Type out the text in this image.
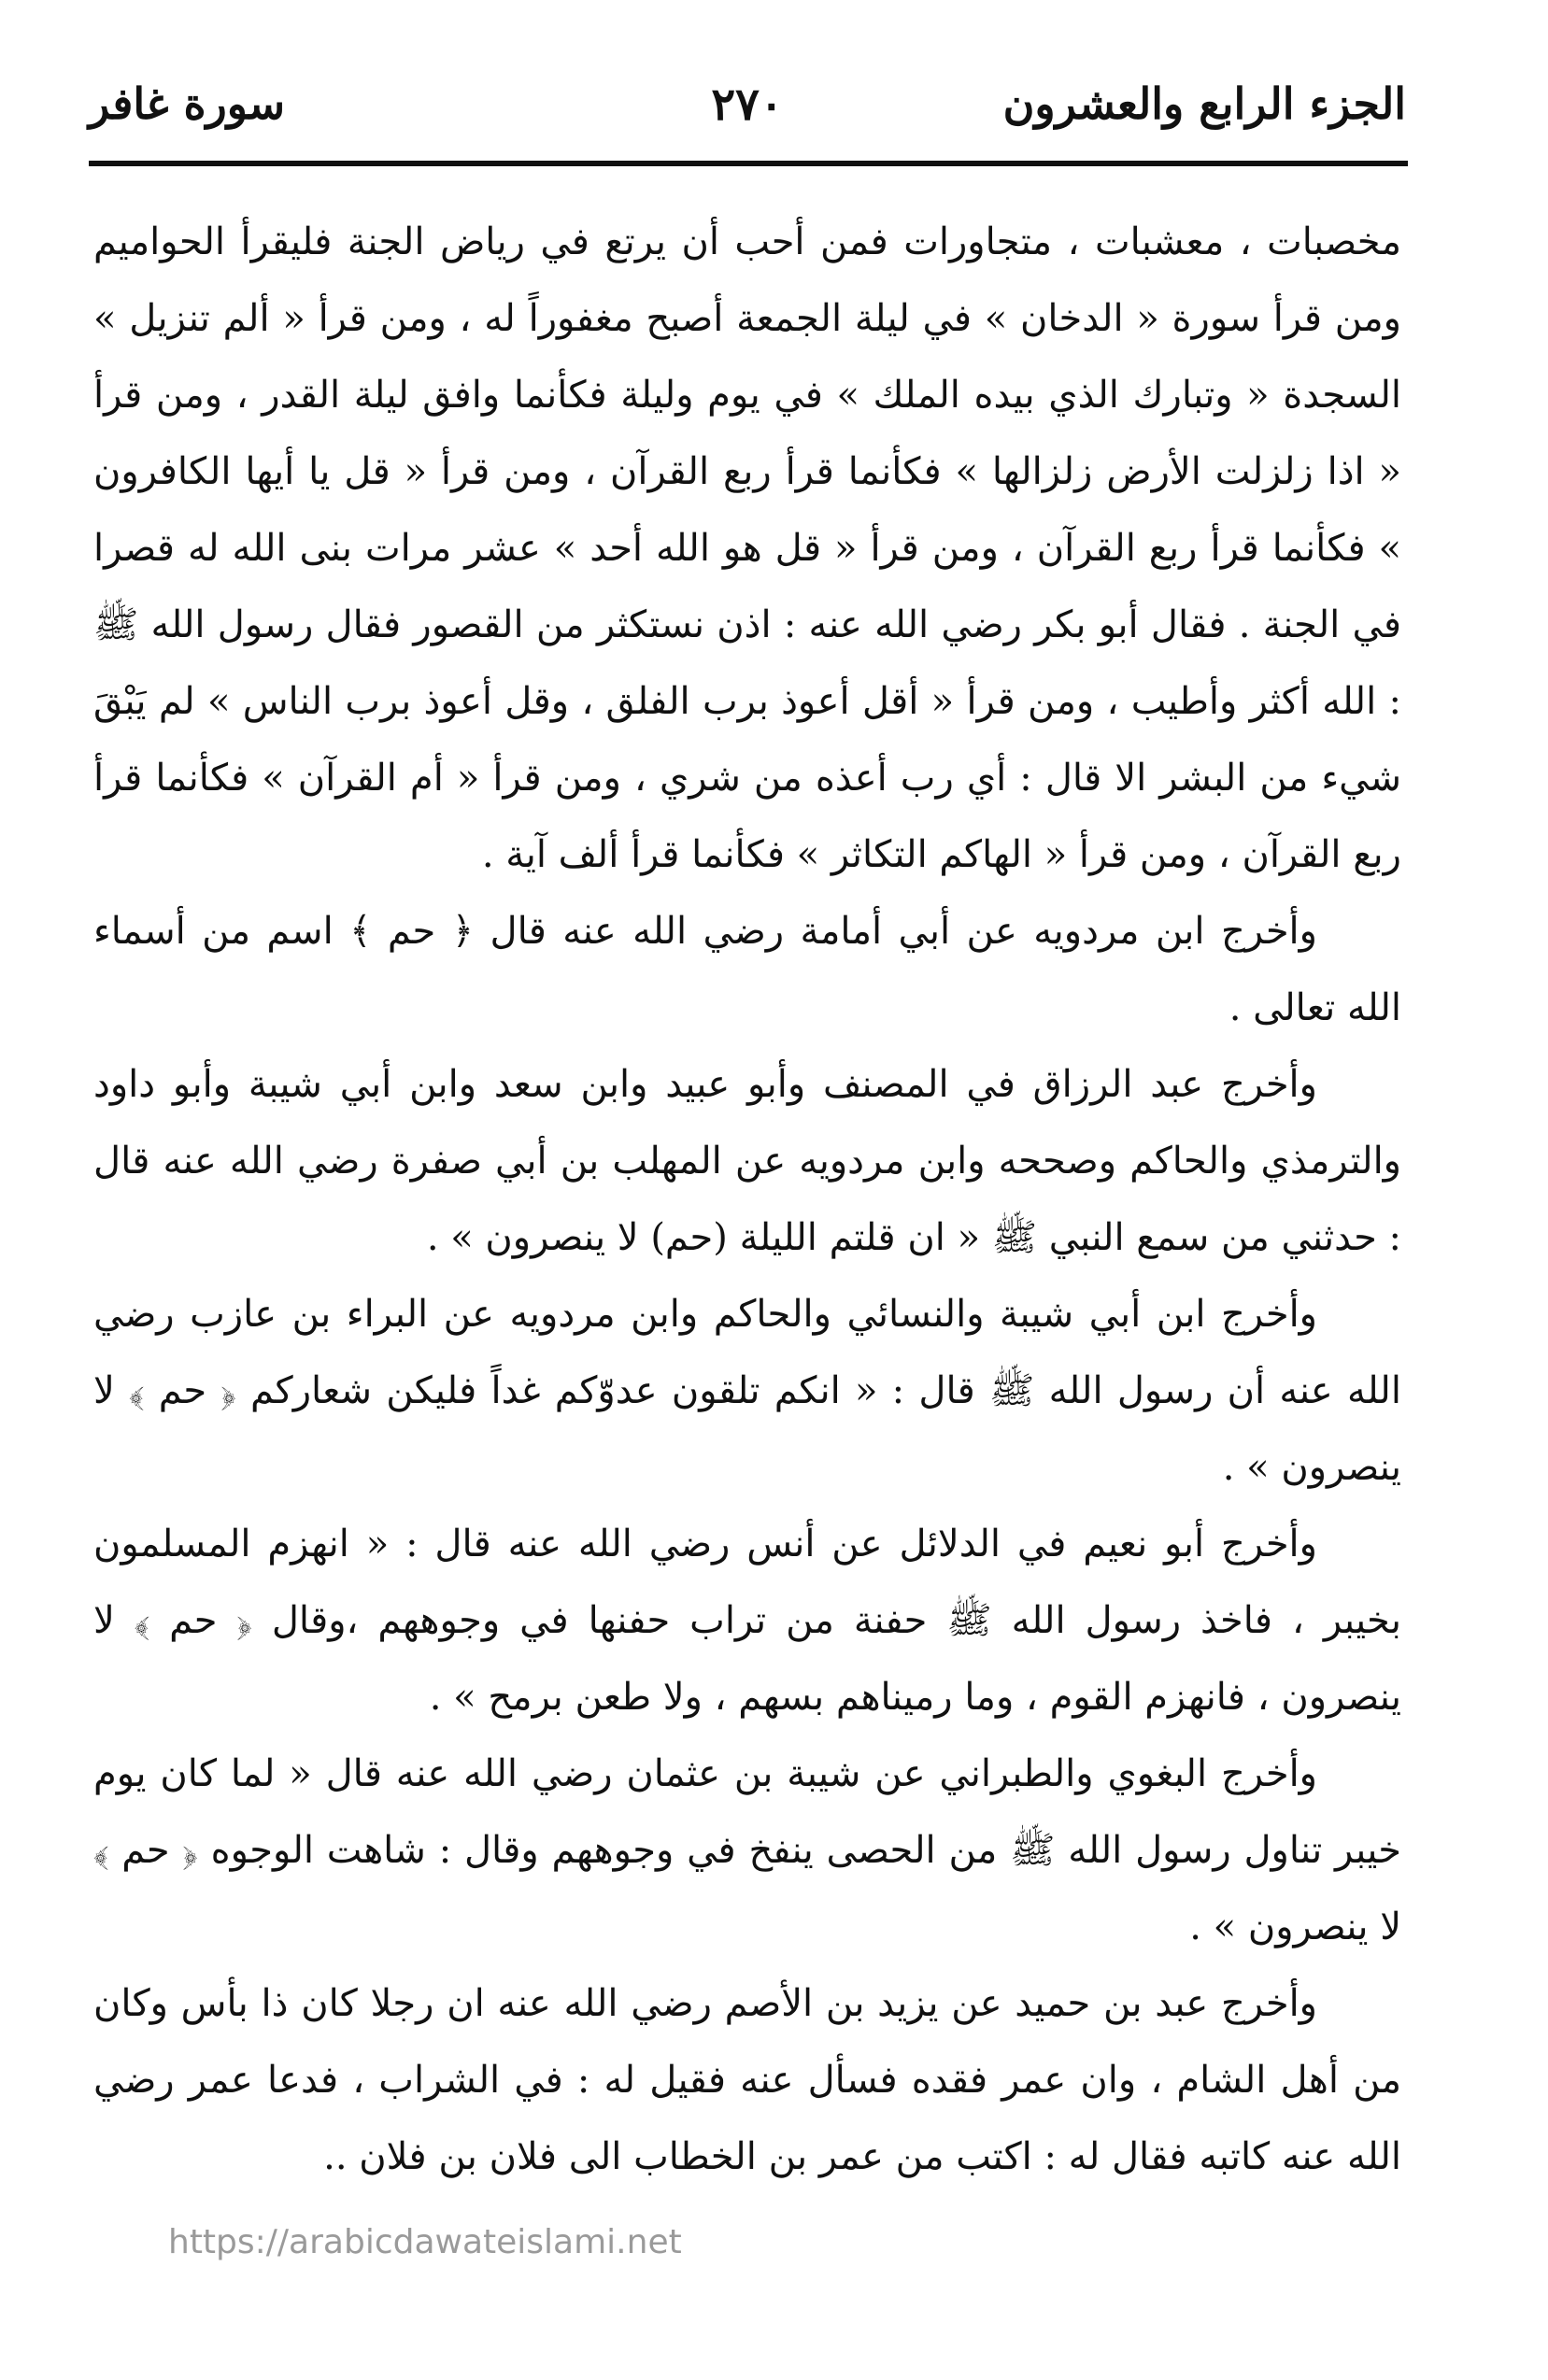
الجزء الرابع والعشرون
٢٧٠
سورة غافر

مخصبات ، معشبات ، متجاورات فمن أحب أن يرتع في رياض الجنة فليقرأ الحواميم ومن قرأ سورة « الدخان » في ليلة الجمعة أصبح مغفوراً له ، ومن قرأ « ألم تنزيل » السجدة « وتبارك الذي بيده الملك » في يوم وليلة فكأنما وافق ليلة القدر ، ومن قرأ « اذا زلزلت الأرض زلزالها » فكأنما قرأ ربع القرآن ، ومن قرأ « قل يا أيها الكافرون » فكأنما قرأ ربع القرآن ، ومن قرأ « قل هو الله أحد » عشر مرات بنى الله له قصرا في الجنة . فقال أبو بكر رضي الله عنه : اذن نستكثر من القصور فقال رسول الله ﷺ : الله أكثر وأطيب ، ومن قرأ « أقل أعوذ برب الفلق ، وقل أعوذ برب الناس » لم يَبْقَ شيء من البشر الا قال : أي رب أعذه من شري ، ومن قرأ « أم القرآن » فكأنما قرأ ربع القرآن ، ومن قرأ « الهاكم التكاثر » فكأنما قرأ ألف آية .

وأخرج ابن مردويه عن أبي أمامة رضي الله عنه قال ﴿ حم ﴾ اسم من أسماء الله تعالى .

وأخرج عبد الرزاق في المصنف وأبو عبيد وابن سعد وابن أبي شيبة وأبو داود والترمذي والحاكم وصححه وابن مردويه عن المهلب بن أبي صفرة رضي الله عنه قال : حدثني من سمع النبي ﷺ « ان قلتم الليلة (حم) لا ينصرون » .

وأخرج ابن أبي شيبة والنسائي والحاكم وابن مردويه عن البراء بن عازب رضي الله عنه أن رسول الله ﷺ قال : « انكم تلقون عدوّكم غداً فليكن شعاركم ﴿ حم ﴾ لا ينصرون » .

وأخرج أبو نعيم في الدلائل عن أنس رضي الله عنه قال : « انهزم المسلمون بخيبر ، فاخذ رسول الله ﷺ حفنة من تراب حفنها في وجوههم ،وقال ﴿ حم ﴾ لا ينصرون ، فانهزم القوم ، وما رميناهم بسهم ، ولا طعن برمح » .

وأخرج البغوي والطبراني عن شيبة بن عثمان رضي الله عنه قال « لما كان يوم خيبر تناول رسول الله ﷺ من الحصى ينفخ في وجوههم وقال : شاهت الوجوه ﴿ حم ﴾ لا ينصرون » .

وأخرج عبد بن حميد عن يزيد بن الأصم رضي الله عنه ان رجلا كان ذا بأس وكان من أهل الشام ، وان عمر فقده فسأل عنه فقيل له : في الشراب ، فدعا عمر رضي الله عنه كاتبه فقال له : اكتب من عمر بن الخطاب الى فلان بن فلان ..

https://arabicdawateislami.net
